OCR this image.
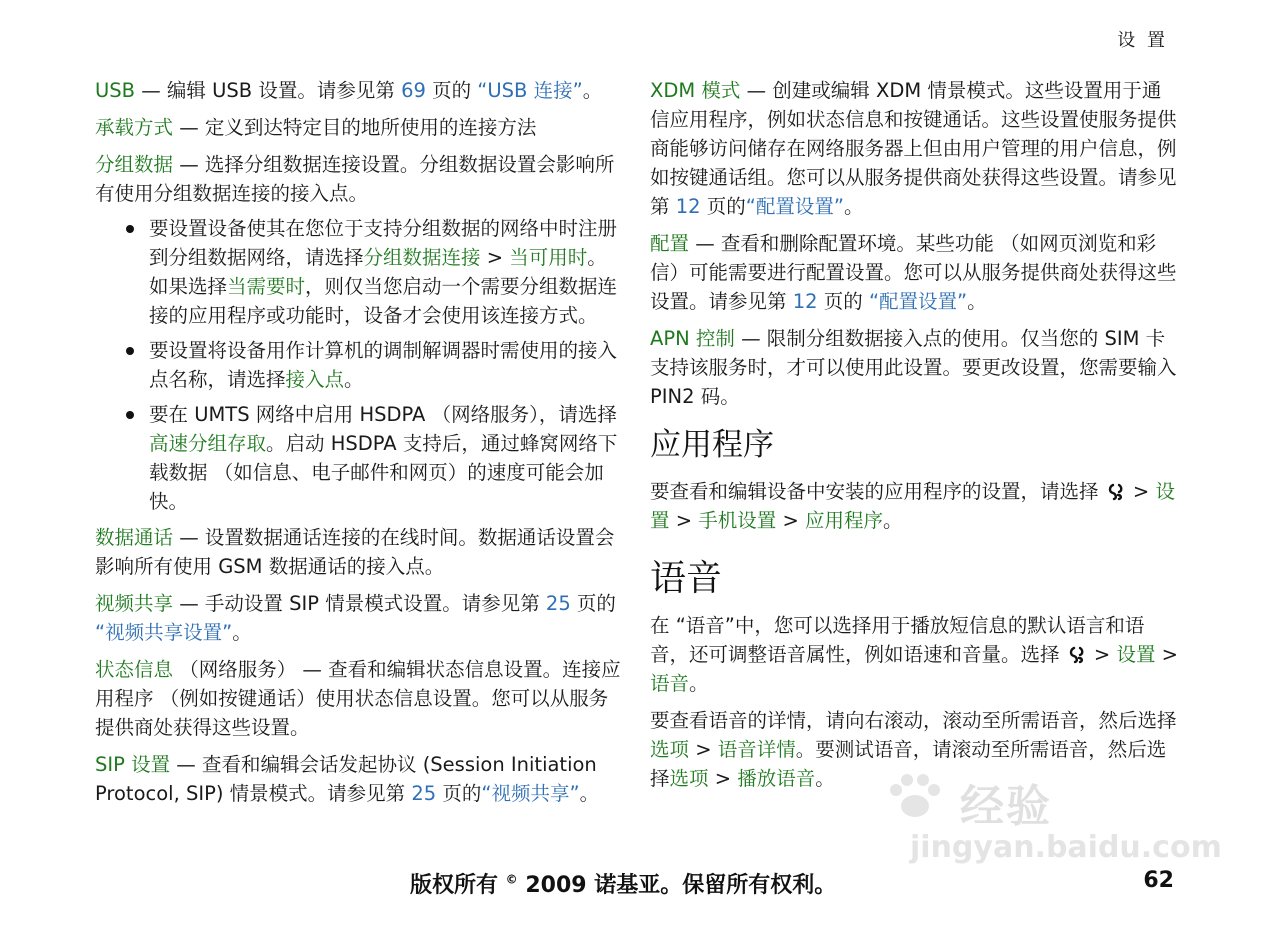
设 置

USB — 编辑 USB 设置。请参见第 69 页的 “USB 连接”。

承载方式 — 定义到达特定目的地所使用的连接方法

分组数据 — 选择分组数据连接设置。分组数据设置会影响所有使用分组数据连接的接入点。

要设置设备使其在您位于支持分组数据的网络中时注册到分组数据网络，请选择分组数据连接 > 当可用时。如果选择当需要时，则仅当您启动一个需要分组数据连接的应用程序或功能时，设备才会使用该连接方式。
要设置将设备用作计算机的调制解调器时需使用的接入点名称，请选择接入点。
要在 UMTS 网络中启用 HSDPA （网络服务），请选择高速分组存取。启动 HSDPA 支持后，通过蜂窝网络下载数据 （如信息、电子邮件和网页）的速度可能会加快。

数据通话 — 设置数据通话连接的在线时间。数据通话设置会影响所有使用 GSM 数据通话的接入点。

视频共享 — 手动设置 SIP 情景模式设置。请参见第 25 页的 “视频共享设置”。

状态信息 （网络服务） — 查看和编辑状态信息设置。连接应用程序 （例如按键通话）使用状态信息设置。您可以从服务提供商处获得这些设置。

SIP 设置 — 查看和编辑会话发起协议 (Session Initiation Protocol, SIP) 情景模式。请参见第 25 页的“视频共享”。

XDM 模式 — 创建或编辑 XDM 情景模式。这些设置用于通信应用程序，例如状态信息和按键通话。这些设置使服务提供商能够访问储存在网络服务器上但由用户管理的用户信息，例如按键通话组。您可以从服务提供商处获得这些设置。请参见第 12 页的“配置设置”。

配置 — 查看和删除配置环境。某些功能 （如网页浏览和彩信）可能需要进行配置设置。您可以从服务提供商处获得这些设置。请参见第 12 页的 “配置设置”。

APN 控制 — 限制分组数据接入点的使用。仅当您的 SIM 卡支持该服务时，才可以使用此设置。要更改设置，您需要输入 PIN2 码。

应用程序

要查看和编辑设备中安装的应用程序的设置，请选择  > 设置 > 手机设置 > 应用程序。

语音

在 “语音”中，您可以选择用于播放短信息的默认语言和语音，还可调整语音属性，例如语速和音量。选择  > 设置 > 语音。

要查看语音的详情，请向右滚动，滚动至所需语音，然后选择选项 > 语音详情。要测试语音，请滚动至所需语音，然后选择选项 > 播放语音。

经验
jingyan.baidu.com
版权所有 © 2009 诺基亚。保留所有权利。	62
